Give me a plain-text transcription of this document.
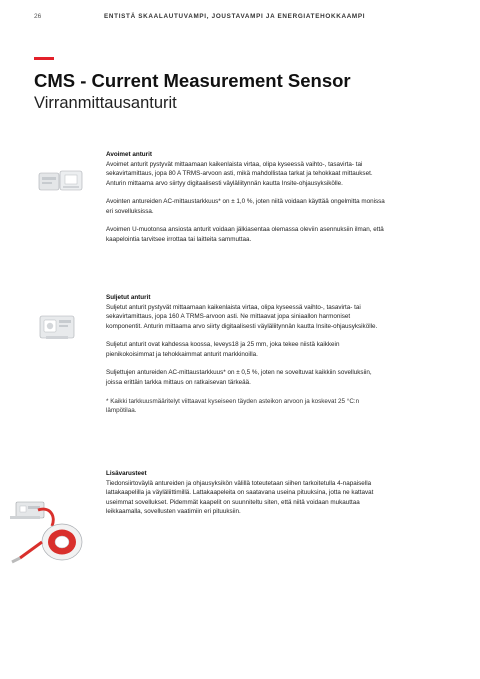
26	ENTISTÄ SKAALAUTUVAMPI, JOUSTAVAMPI JA ENERGIATEHOKKAAMPI
CMS - Current Measurement Sensor
Virranmittausanturit
Avoimet anturit

Avoimet anturit pystyvät mittaamaan kaikenlaista virtaa, olipa kyseessä vaihto-, tasavirta- tai sekavirtamittaus, jopa 80 A TRMS-arvoon asti, mikä mahdollistaa tarkat ja tehokkaat mittaukset. Anturin mittaama arvo siirtyy digitaalisesti väyläliitynnän kautta Insite-ohjausyksikölle.

Avointen antureiden AC-mittaustarkkuus* on ± 1,0 %, joten niitä voidaan käyttää ongelmitta monissa eri sovelluksissa.

Avoimen U-muotonsa ansiosta anturit voidaan jälkiasentaa olemassa oleviin asennuksiin ilman, että kaapelointia tarvitsee irrottaa tai laitteita sammuttaa.

Suljetut anturit

Suljetut anturit pystyvät mittaamaan kaikenlaista virtaa, olipa kyseessä vaihto-, tasavirta- tai sekavirtamittaus, jopa 160 A TRMS-arvoon asti. Ne mittaavat jopa siniaallon harmoniset komponentit. Anturin mittaama arvo siirty digitaalisesti väyläliitynnän kautta Insite-ohjausyksikölle.

Suljetut anturit ovat kahdessa koossa, leveys18 ja 25 mm, joka tekee niistä kaikkein pienikokoisimmat ja tehokkaimmat anturit markkinoilla.

Suljettujen antureiden AC-mittaustarkkuus* on ± 0,5 %, joten ne soveltuvat kaikkiin sovelluksiin, joissa erittäin tarkka mittaus on ratkaisevan tärkeää.

* Kaikki tarkkuusmääritelyt viittaavat kyseiseen täyden asteikon arvoon ja koskevat 25 °C:n lämpötilaa.

Lisävarusteet

Tiedonsiirtoväylä antureiden ja ohjausyksikön välillä toteutetaan siihen tarkoitetulla 4-napaisella lattakaapelilla ja väyläliittimillä. Lattakaapeleita on saatavana useina pituuksina, jotta ne kattavat useimmat sovellukset. Pidemmät kaapelit on suunniteltu siten, että niitä voidaan mukauttaa leikkaamalla, sovellusten vaatimiin eri pituuksiin.
